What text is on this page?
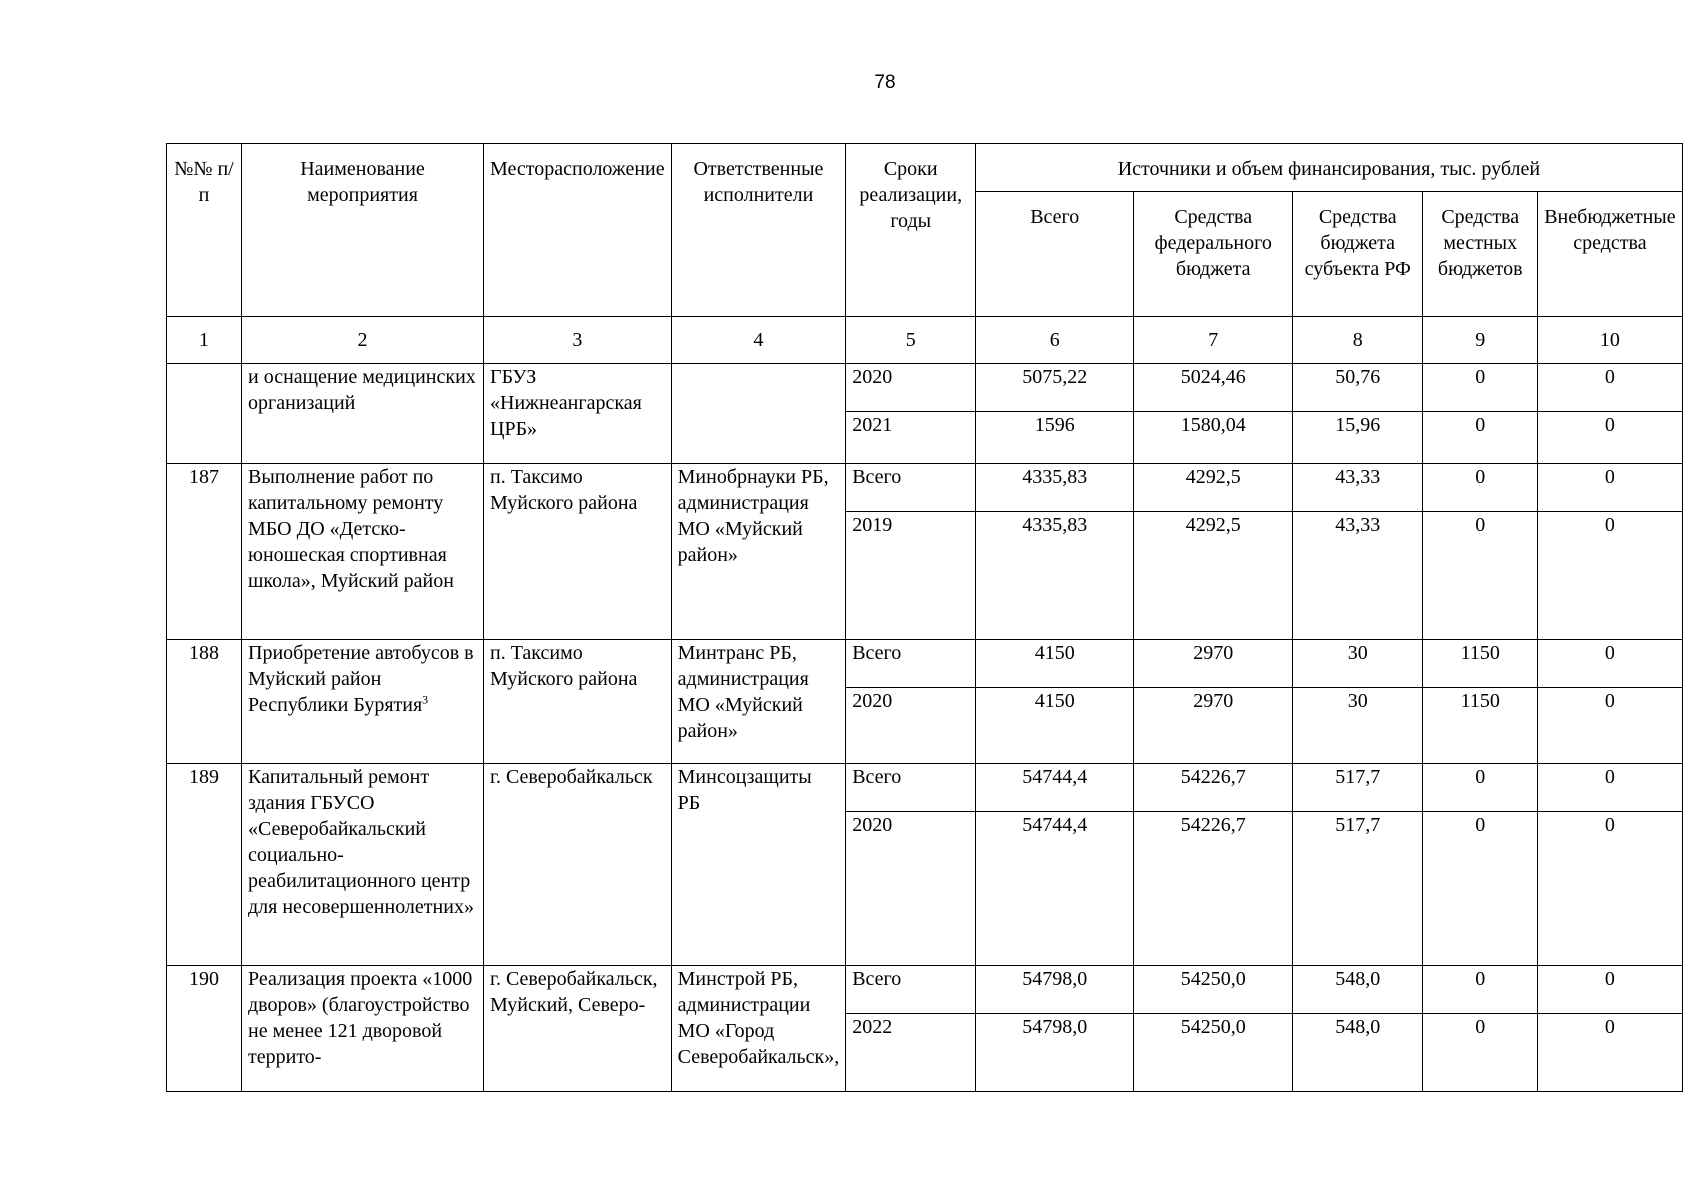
78
№№ п/п	Наименование мероприятия	Месторасположение	Ответственные исполнители	Сроки реализации, годы	Источники и объем финансирования, тыс. рублей				
					Всего	Средства федерального бюджета	Средства бюджета субъекта РФ	Средства местных бюджетов	Внебюджетные средства
1	2	3	4	5	6	7	8	9	10
	и оснащение медицинских организаций	ГБУЗ «Нижнеангарская ЦРБ»		2020	5075,22	5024,46	50,76	0	0
				2021	1596	1580,04	15,96	0	0
187	Выполнение работ по капитальному ремонту МБО ДО «Детско-юношеская спортивная школа», Муйский район	п. Таксимо Муйского района	Минобрнауки РБ, администрация МО «Муйский район»	Всего	4335,83	4292,5	43,33	0	0
				2019	4335,83	4292,5	43,33	0	0
188	Приобретение автобусов в Муйский район Республики Бурятия$^3$	п. Таксимо Муйского района	Минтранс РБ, администрация МО «Муйский район»	Всего	4150	2970	30	1150	0
				2020	4150	2970	30	1150	0
189	Капитальный ремонт здания ГБУСО «Северобайкальский социально-реабилитационного центр для несовершеннолетних»	г. Северобайкальск	Минсоцзащиты РБ	Всего	54744,4	54226,7	517,7	0	0
				2020	54744,4	54226,7	517,7	0	0
190	Реализация проекта «1000 дворов» (благоустройство не менее 121 дворовой террито-	г. Северобайкальск, Муйский, Северо-	Минстрой РБ, администрации МО «Город Северобайкальск»,	Всего	54798,0	54250,0	548,0	0	0
				2022	54798,0	54250,0	548,0	0	0
